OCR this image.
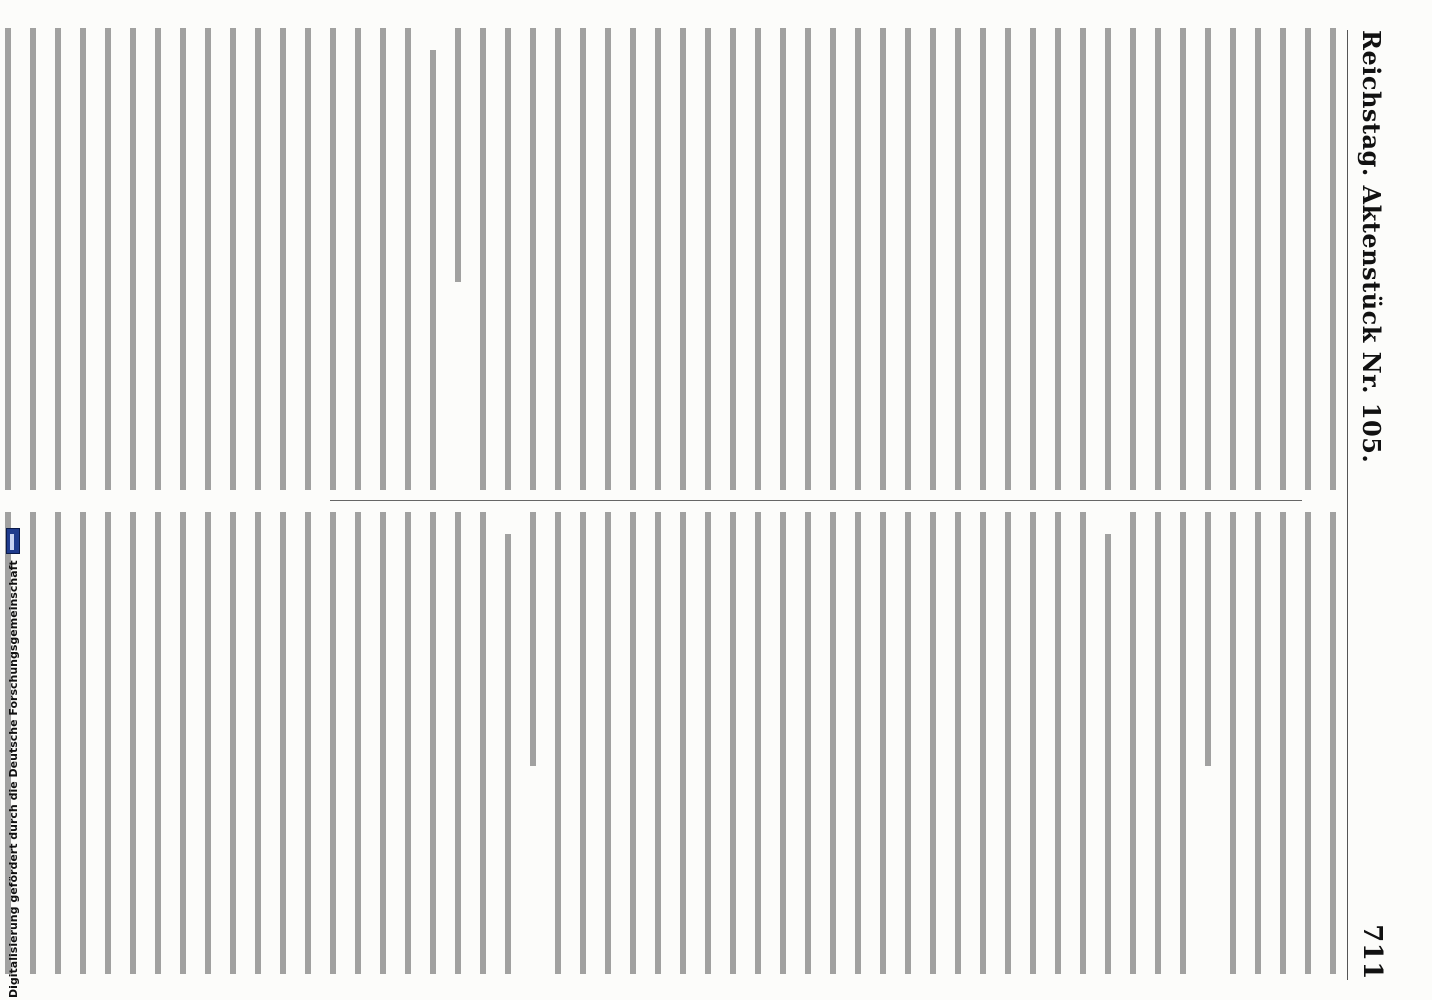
Reichstag. Aktenstück Nr. 105.
711
Digitalisierung gefördert durch die Deutsche Forschungsgemeinschaft
